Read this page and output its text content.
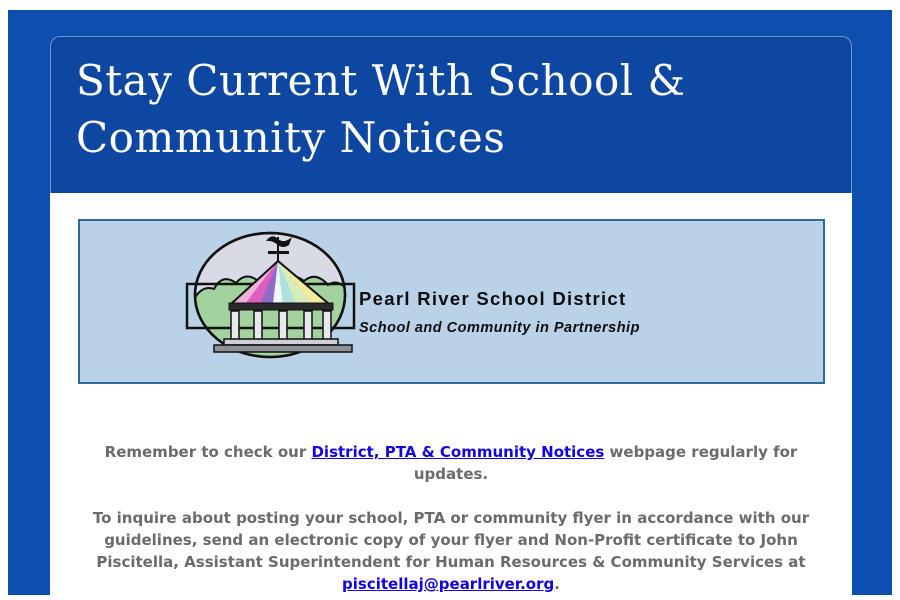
Stay Current With School & Community Notices
Pearl River School District
School and Community in Partnership

Remember to check our District, PTA & Community Notices webpage regularly for updates.

To inquire about posting your school, PTA or community flyer in accordance with our guidelines, send an electronic copy of your flyer and Non-Profit certificate to John Piscitella, Assistant Superintendent for Human Resources & Community Services at piscitellaj@pearlriver.org.
